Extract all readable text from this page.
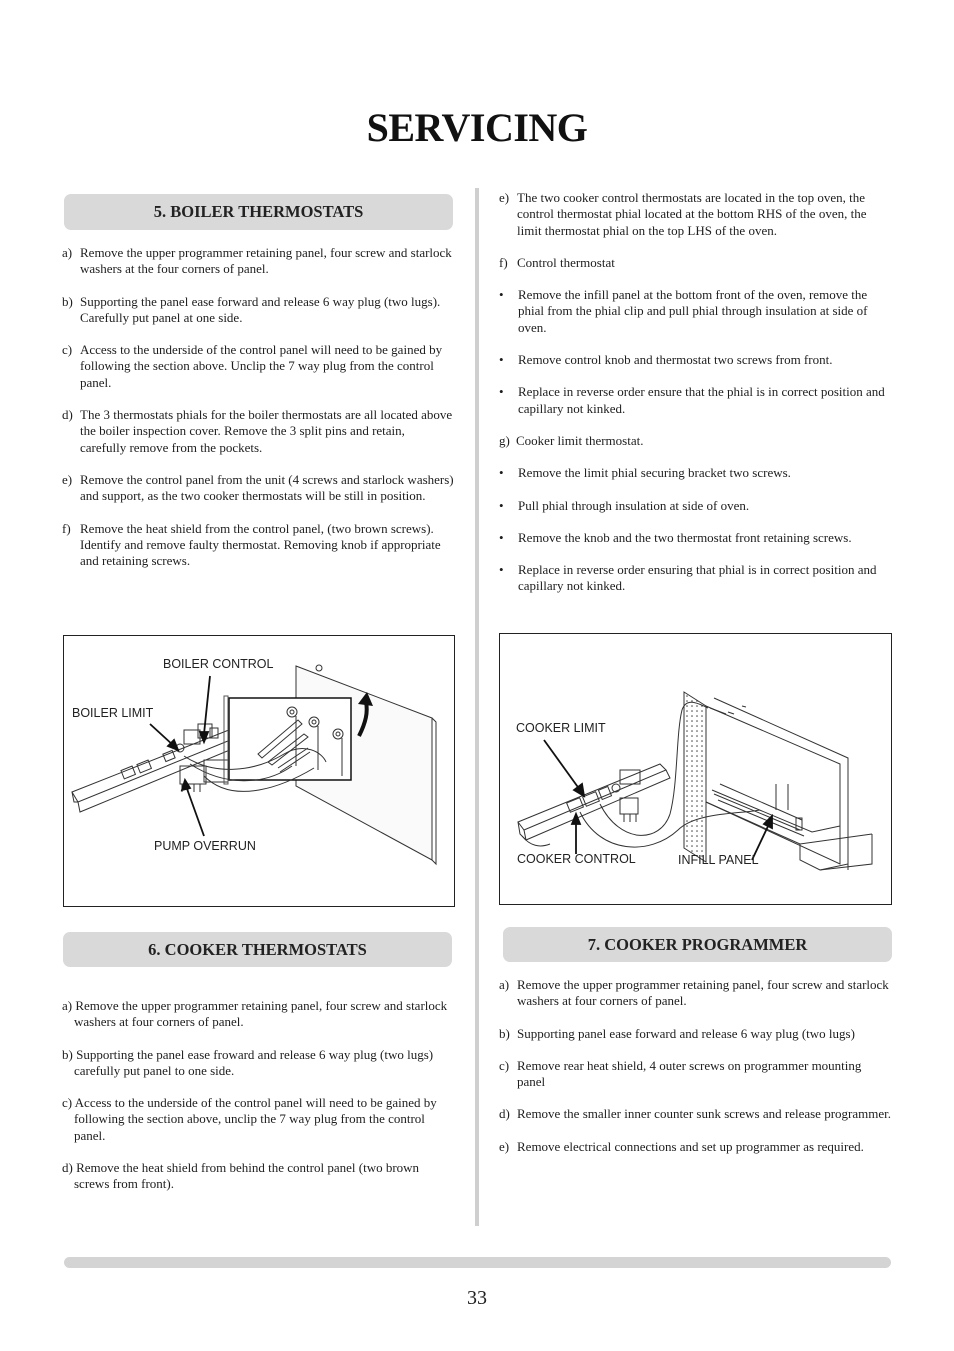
SERVICING
5. BOILER THERMOSTATS
a) Remove the upper programmer retaining panel, four screw and starlock washers at the four corners of panel.
b) Supporting the panel ease forward and release 6 way plug (two lugs). Carefully put panel at one side.
c) Access to the underside of the control panel will need to be gained by following the section above. Unclip the 7 way plug from the control panel.
d) The 3 thermostats phials for the boiler thermostats are all located above the boiler inspection cover. Remove the 3 split pins and retain, carefully remove from the pockets.
e) Remove the control panel from the unit (4 screws and starlock washers) and support, as the two cooker thermostats will be still in position.
f) Remove the heat shield from the control panel, (two brown screws). Identify and remove faulty thermostat. Removing knob if appropriate and retaining screws.
BOILER CONTROL
BOILER LIMIT
PUMP OVERRUN
6. COOKER THERMOSTATS
a) Remove the upper programmer retaining panel, four screw and starlock washers at four corners of panel.
b) Supporting the panel ease froward and release 6 way plug (two lugs) carefully put panel to one side.
c) Access to the underside of the control panel will need to be gained by following the section above, unclip the 7 way plug from the control panel.
d) Remove the heat shield from behind the control panel (two brown screws from front).
e) The two cooker control thermostats are located in the top oven, the control thermostat phial located at the bottom RHS of the oven, the limit thermostat phial on the top LHS of the oven.
f) Control thermostat
• Remove the infill panel at the bottom front of the oven, remove the phial from the phial clip and pull phial through insulation at side of oven.
• Remove control knob and thermostat two screws from front.
• Replace in reverse order ensure that the phial is in correct position and capillary not kinked.
g) Cooker limit thermostat.
• Remove the limit phial securing bracket two screws.
• Pull phial through insulation at side of oven.
• Remove the knob and the two thermostat front retaining screws.
• Replace in reverse order ensuring that phial is in correct position and capillary not kinked.
COOKER LIMIT
COOKER CONTROL	INFILL PANEL
7. COOKER PROGRAMMER
a) Remove the upper programmer retaining panel, four screw and starlock washers at four corners of panel.
b) Supporting panel ease forward and release 6 way plug (two lugs)
c) Remove rear heat shield, 4 outer screws on programmer mounting panel
d) Remove the smaller inner counter sunk screws and release programmer.
e) Remove electrical connections and set up programmer as required.
33
